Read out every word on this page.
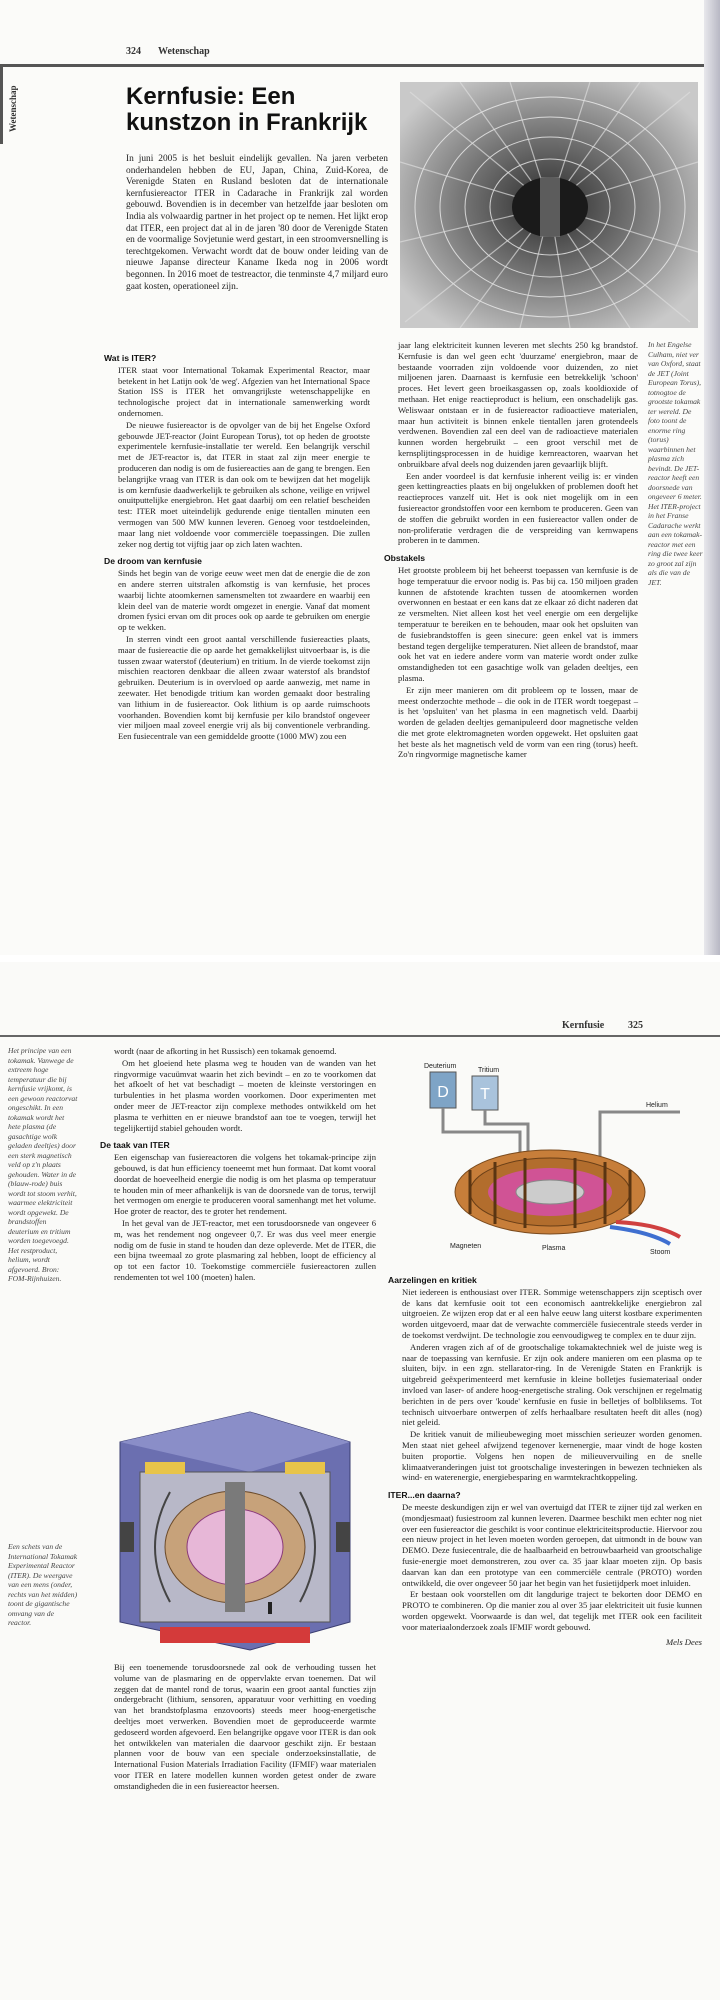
324 Wetenschap
Wetenschap	Kernfusie: Een kunstzon in Frankrijk

In juni 2005 is het besluit eindelijk gevallen. Na jaren verbeten onderhandelen hebben de EU, Japan, China, Zuid-Korea, de Verenigde Staten en Rusland besloten dat de internationale kernfusiereactor ITER in Cadarache in Frankrijk zal worden gebouwd. Bovendien is in december van hetzelfde jaar besloten om India als volwaardig partner in het project op te nemen. Het lijkt erop dat ITER, een project dat al in de jaren '80 door de Verenigde Staten en de voormalige Sovjetunie werd gestart, in een stroomversnelling is terechtgekomen. Verwacht wordt dat de bouw onder leiding van de nieuwe Japanse directeur Kaname Ikeda nog in 2006 wordt begonnen. In 2016 moet de testreactor, die tenminste 4,7 miljard euro gaat kosten, operationeel zijn.

Wat is ITER?

ITER staat voor International Tokamak Experimental Reactor, maar betekent in het Latijn ook 'de weg'. Afgezien van het International Space Station ISS is ITER het omvangrijkste wetenschappelijke en technologische project dat in internationale samenwerking wordt ondernomen.

De nieuwe fusiereactor is de opvolger van de bij het Engelse Oxford gebouwde JET-reactor (Joint European Torus), tot op heden de grootste experimentele kernfusie-installatie ter wereld. Een belangrijk verschil met de JET-reactor is, dat ITER in staat zal zijn meer energie te produceren dan nodig is om de fusiereacties aan de gang te brengen. Een belangrijke vraag van ITER is dan ook om te bewijzen dat het mogelijk is om kernfusie daadwerkelijk te gebruiken als schone, veilige en vrijwel onuitputtelijke energiebron. Het gaat daarbij om een relatief bescheiden test: ITER moet uiteindelijk gedurende enige tientallen minuten een vermogen van 500 MW kunnen leveren. Genoeg voor testdoeleinden, maar lang niet voldoende voor commerciële toepassingen. Die zullen zeker nog dertig tot vijftig jaar op zich laten wachten.

De droom van kernfusie

Sinds het begin van de vorige eeuw weet men dat de energie die de zon en andere sterren uitstralen afkomstig is van kernfusie, het proces waarbij lichte atoomkernen samensmelten tot zwaardere en waarbij een klein deel van de materie wordt omgezet in energie. Vanaf dat moment dromen fysici ervan om dit proces ook op aarde te gebruiken om energie op te wekken.

In sterren vindt een groot aantal verschillende fusiereacties plaats, maar de fusiereactie die op aarde het gemakkelijkst uitvoerbaar is, is die tussen zwaar waterstof (deuterium) en tritium. In de vierde toekomst zijn mischien reactoren denkbaar die alleen zwaar waterstof als brandstof gebruiken. Deuterium is in overvloed op aarde aanwezig, met name in zeewater. Het benodigde tritium kan worden gemaakt door bestraling van lithium in de fusiereactor. Ook lithium is op aarde ruimschoots voorhanden. Bovendien komt bij kernfusie per kilo brandstof ongeveer vier miljoen maal zoveel energie vrij als bij conventionele verbranding. Een fusiecentrale van een gemiddelde grootte (1000 MW) zou een

jaar lang elektriciteit kunnen leveren met slechts 250 kg brandstof. Kernfusie is dan wel geen echt 'duurzame' energiebron, maar de bestaande voorraden zijn voldoende voor duizenden, zo niet miljoenen jaren. Daarnaast is kernfusie een betrekkelijk 'schoon' proces. Het levert geen broeikasgassen op, zoals kooldioxide of methaan. Het enige reactieproduct is helium, een onschadelijk gas. Weliswaar ontstaan er in de fusiereactor radioactieve materialen, maar hun activiteit is binnen enkele tientallen jaren grotendeels verdwenen. Bovendien zal een deel van de radioactieve materialen kunnen worden hergebruikt – een groot verschil met de kernsplijtingsprocessen in de huidige kernreactoren, waarvan het onbruikbare afval deels nog duizenden jaren gevaarlijk blijft.

Een ander voordeel is dat kernfusie inherent veilig is: er vinden geen kettingreacties plaats en bij ongelukken of problemen dooft het reactieproces vanzelf uit. Het is ook niet mogelijk om in een fusiereactor grondstoffen voor een kernbom te produceren. Geen van de stoffen die gebruikt worden in een fusiereactor vallen onder de non-proliferatie verdragen die de verspreiding van kernwapens proberen in te dammen.

Obstakels

Het grootste probleem bij het beheerst toepassen van kernfusie is de hoge temperatuur die ervoor nodig is. Pas bij ca. 150 miljoen graden kunnen de afstotende krachten tussen de atoomkernen worden overwonnen en bestaat er een kans dat ze elkaar zó dicht naderen dat ze versmelten. Niet alleen kost het veel energie om een dergelijke temperatuur te bereiken en te behouden, maar ook het opsluiten van de fusiebrandstoffen is geen sinecure: geen enkel vat is immers bestand tegen dergelijke temperaturen. Niet alleen de brandstof, maar ook het vat en iedere andere vorm van materie wordt onder zulke omstandigheden tot een gasachtige wolk van geladen deeltjes, een plasma.

Er zijn meer manieren om dit probleem op te lossen, maar de meest onderzochte methode – die ook in de ITER wordt toegepast – is het 'opsluiten' van het plasma in een magnetisch veld. Daarbij worden de geladen deeltjes gemanipuleerd door magnetische velden die met grote elektromagneten worden opgewekt. Het opsluiten gaat het beste als het magnetisch veld de vorm van een ring (torus) heeft. Zo'n ringvormige magnetische kamer

In het Engelse Culham, niet ver van Oxford, staat de JET (Joint European Torus), totnogtoe de grootste tokamak ter wereld. De foto toont de enorme ring (torus) waarbinnen het plasma zich bevindt. De JET-reactor heeft een doorsnede van ongeveer 6 meter. Het ITER-project in het Franse Cadarache werkt aan een tokamak-reactor met een ring die twee keer zo groot zal zijn als die van de JET.
Kernfusie 325
Het principe van een tokamak. Vanwege de extreem hoge temperatuur die bij kernfusie vrijkomt, is een gewoon reactorvat ongeschikt. In een tokamak wordt het hete plasma (de gasachtige wolk geladen deeltjes) door een sterk magnetisch veld op z'n plaats gehouden. Water in de (blauw-rode) buis wordt tot stoom verhit, waarmee elektriciteit wordt opgewekt. De brandstoffen deuterium en tritium worden toegevoegd. Het restproduct, helium, wordt afgevoerd. Bron: FOM-Rijnhuizen.
Een schets van de International Tokamak Experimental Reactor (ITER). De weergave van een mens (onder, rechts van het midden) toont de gigantische omvang van de reactor.
D T
Deuterium
Tritium
Helium
Magneten	Plasma
Stoom

wordt (naar de afkorting in het Russisch) een tokamak genoemd.

Om het gloeiend hete plasma weg te houden van de wanden van het ringvormige vacuümvat waarin het zich bevindt – en zo te voorkomen dat het afkoelt of het vat beschadigt – moeten de kleinste verstoringen en turbulenties in het plasma worden voorkomen. Door experimenten met onder meer de JET-reactor zijn complexe methodes ontwikkeld om het plasma te verhitten en er nieuwe brandstof aan toe te voegen, terwijl het tegelijkertijd stabiel gehouden wordt.

De taak van ITER

Een eigenschap van fusiereactoren die volgens het tokamak-principe zijn gebouwd, is dat hun efficiency toeneemt met hun formaat. Dat komt vooral doordat de hoeveelheid energie die nodig is om het plasma op temperatuur te houden min of meer afhankelijk is van de doorsnede van de torus, terwijl het vermogen om energie te produceren vooral samenhangt met het volume. Hoe groter de reactor, des te groter het rendement.

In het geval van de JET-reactor, met een torusdoorsnede van ongeveer 6 m, was het rendement nog ongeveer 0,7. Er was dus veel meer energie nodig om de fusie in stand te houden dan deze opleverde. Met de ITER, die een bijna tweemaal zo grote plasmaring zal hebben, loopt de efficiency al op tot een factor 10. Toekomstige commerciële fusiereactoren zullen rendementen tot wel 100 (moeten) halen.

Bij een toenemende torusdoorsnede zal ook de verhouding tussen het volume van de plasmaring en de oppervlakte ervan toenemen. Dat wil zeggen dat de mantel rond de torus, waarin een groot aantal functies zijn ondergebracht (lithium, sensoren, apparatuur voor verhitting en voeding van het brandstofplasma enzovoorts) steeds meer hoog-energetische deeltjes moet verwerken. Bovendien moet de geproduceerde warmte gedoseerd worden afgevoerd. Een belangrijke opgave voor ITER is dan ook het ontwikkelen van materialen die daarvoor geschikt zijn. Er bestaan plannen voor de bouw van een speciale onderzoeksinstallatie, de International Fusion Materials Irradiation Facility (IFMIF) waar materialen voor ITER en latere modellen kunnen worden getest onder de zware omstandigheden die in een fusiereactor heersen.

Aarzelingen en kritiek

Niet iedereen is enthousiast over ITER. Sommige wetenschappers zijn sceptisch over de kans dat kernfusie ooit tot een economisch aantrekkelijke energiebron zal uitgroeien. Ze wijzen erop dat er al een halve eeuw lang uiterst kostbare experimenten worden uitgevoerd, maar dat de verwachte commerciële fusiecentrale steeds verder in de toekomst verdwijnt. De technologie zou eenvoudigweg te complex en te duur zijn.

Anderen vragen zich af of de grootschalige tokamaktechniek wel de juiste weg is naar de toepassing van kernfusie. Er zijn ook andere manieren om een plasma op te sluiten, bijv. in een zgn. stellarator-ring. In de Verenigde Staten en Frankrijk is uitgebreid geëxperimenteerd met kernfusie in kleine bolletjes fusiemateriaal onder invloed van laser- of andere hoog-energetische straling. Ook verschijnen er regelmatig berichten in de pers over 'koude' kernfusie en fusie in belletjes of bolbliksems. Tot technisch uitvoerbare ontwerpen of zelfs herhaalbare resultaten heeft dit alles (nog) niet geleid.

De kritiek vanuit de milieubeweging moet misschien serieuzer worden genomen. Men staat niet geheel afwijzend tegenover kernenergie, maar vindt de hoge kosten buiten proportie. Volgens hen nopen de milieuvervuiling en de snelle klimaatveranderingen juist tot grootschalige investeringen in bewezen technieken als wind- en waterenergie, energiebesparing en warmtekrachtkoppeling.

ITER...en daarna?

De meeste deskundigen zijn er wel van overtuigd dat ITER te zijner tijd zal werken en (mondjesmaat) fusiestroom zal kunnen leveren. Daarmee beschikt men echter nog niet over een fusiereactor die geschikt is voor continue elektriciteitsproductie. Hiervoor zou een nieuw project in het leven moeten worden geroepen, dat uitmondt in de bouw van DEMO. Deze fusiecentrale, die de haalbaarheid en betrouwbaarheid van grootschalige fusie-energie moet demonstreren, zou over ca. 35 jaar klaar moeten zijn. Op basis daarvan kan dan een prototype van een commerciële centrale (PROTO) worden ontwikkeld, die over ongeveer 50 jaar het begin van het fusietijdperk moet inluiden.

Er bestaan ook voorstellen om dit langdurige traject te bekorten door DEMO en PROTO te combineren. Op die manier zou al over 35 jaar elektriciteit uit fusie kunnen worden opgewekt. Voorwaarde is dan wel, dat tegelijk met ITER ook een faciliteit voor materiaalonderzoek zoals IFMIF wordt gebouwd.

Mels Dees
